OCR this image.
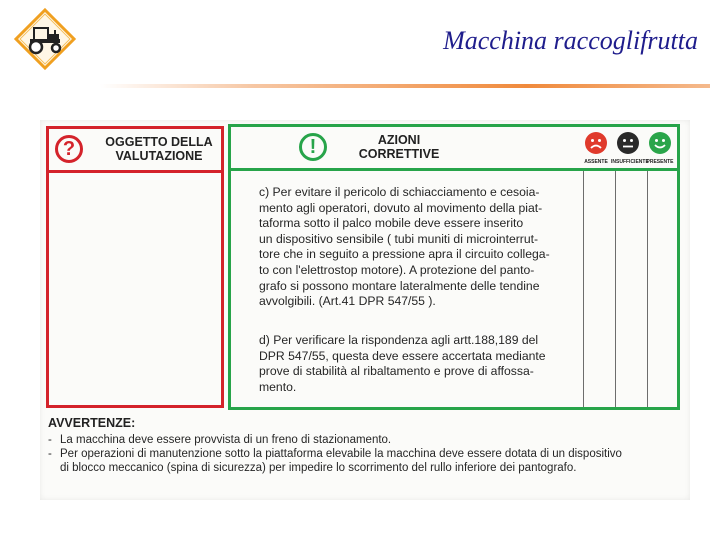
Macchina raccoglifrutta
?	OGGETTO DELLA
VALUTAZIONE	!	AZIONI
CORRETTIVE
ASSENTE INSUFFICIENTE
PRESENTE
c) Per evitare il pericolo di schiacciamento e cesoia-
mento agli operatori, dovuto al movimento della piat-
taforma sotto il palco mobile deve essere inserito
un dispositivo sensibile ( tubi muniti di microinterrut-
tore che in seguito a pressione apra il circuito collega-
to con l'elettrostop motore). A protezione del panto-
grafo si possono montare lateralmente delle tendine
avvolgibili. (Art.41 DPR 547/55 ).
d) Per verificare la rispondenza agli artt.188,189 del
DPR 547/55, questa deve essere accertata mediante
prove di stabilità al ribaltamento e prove di affossa-
mento.
AVVERTENZE:
- La macchina deve essere provvista di un freno di stazionamento.
- Per operazioni di manutenzione sotto la piattaforma elevabile la macchina deve essere dotata di un dispositivo
di blocco meccanico (spina di sicurezza) per impedire lo scorrimento del rullo inferiore dei pantografo.
